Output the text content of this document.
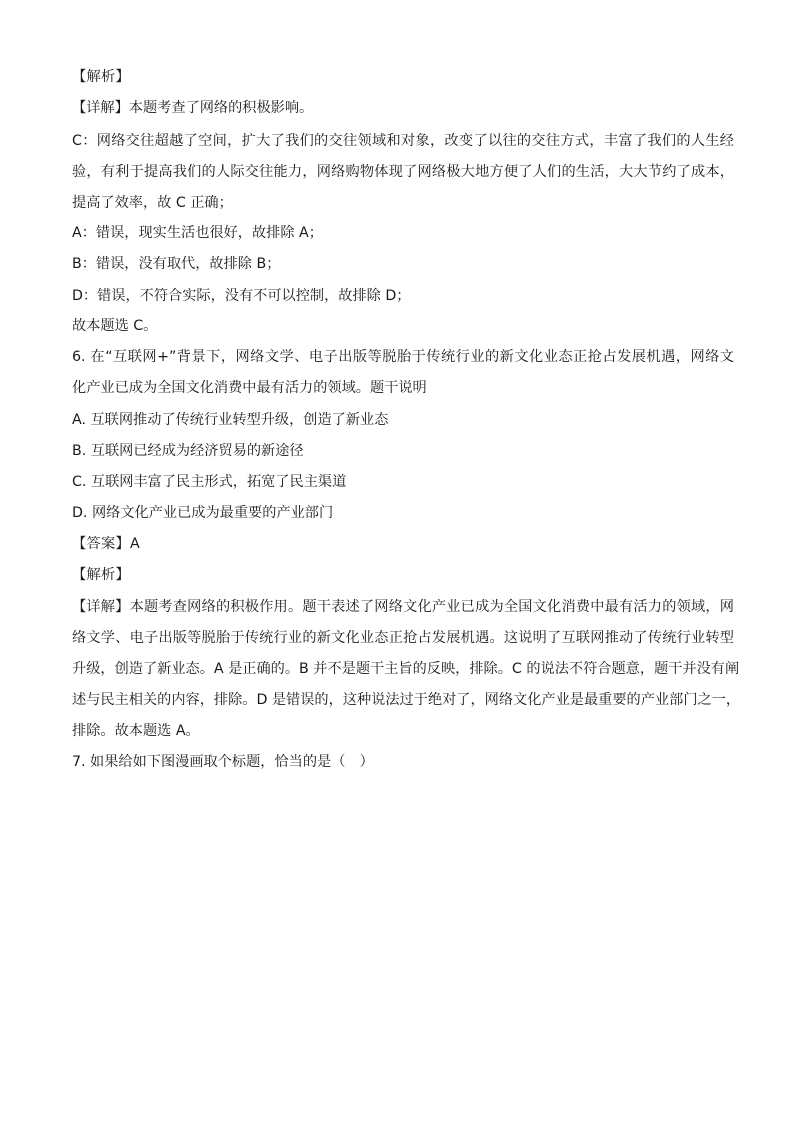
【解析】
【详解】本题考查了网络的积极影响。
C：网络交往超越了空间，扩大了我们的交往领域和对象，改变了以往的交往方式，丰富了我们的人生经
验，有利于提高我们的人际交往能力，网络购物体现了网络极大地方便了人们的生活，大大节约了成本，
提高了效率，故 C 正确；
A：错误，现实生活也很好，故排除 A；
B：错误，没有取代，故排除 B；
D：错误，不符合实际，没有不可以控制，故排除 D；
故本题选 C。
6. 在“互联网+”背景下，网络文学、电子出版等脱胎于传统行业的新文化业态正抢占发展机遇，网络文
化产业已成为全国文化消费中最有活力的领域。题干说明
A. 互联网推动了传统行业转型升级，创造了新业态
B. 互联网已经成为经济贸易的新途径
C. 互联网丰富了民主形式，拓宽了民主渠道
D. 网络文化产业已成为最重要的产业部门
【答案】A
【解析】
【详解】本题考查网络的积极作用。题干表述了网络文化产业已成为全国文化消费中最有活力的领域，网
络文学、电子出版等脱胎于传统行业的新文化业态正抢占发展机遇。这说明了互联网推动了传统行业转型
升级，创造了新业态。A 是正确的。B 并不是题干主旨的反映，排除。C 的说法不符合题意，题干并没有阐
述与民主相关的内容，排除。D 是错误的，这种说法过于绝对了，网络文化产业是最重要的产业部门之一，
排除。故本题选 A。
7. 如果给如下图漫画取个标题，恰当的是（　）
